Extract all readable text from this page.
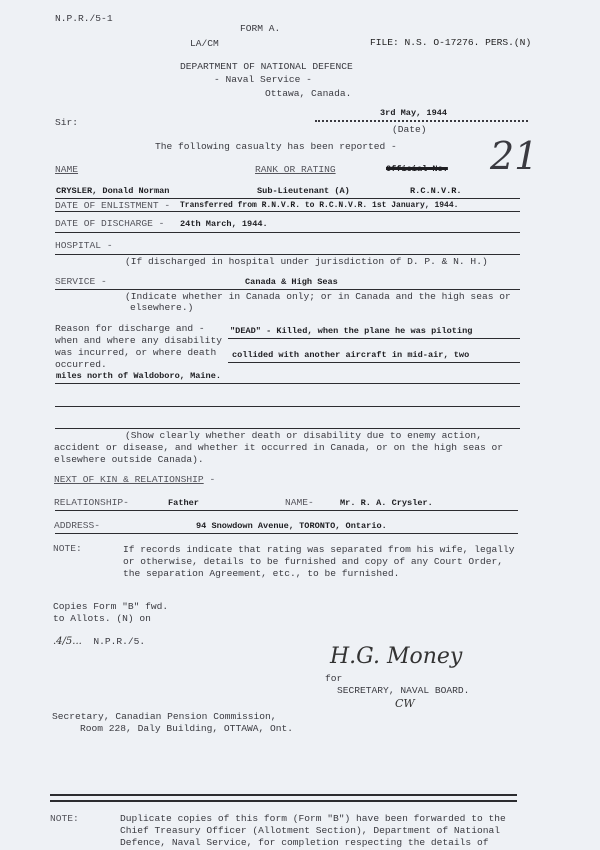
N.P.R./5-1
FORM A.
LA/CM	FILE: N.S. O-17276. PERS.(N)
DEPARTMENT OF NATIONAL DEFENCE
- Naval Service -
Ottawa, Canada.
Sir:
3rd May, 1944
(Date)
The following casualty has been reported - 21
NAME	RANK OR RATING	Official No.
CRYSLER, Donald Norman	Sub-Lieutenant (A)	R.C.N.V.R.
DATE OF ENLISTMENT - Transferred from R.N.V.R. to R.C.N.V.R. 1st January, 1944.
DATE OF DISCHARGE - 24th March, 1944.
HOSPITAL -
(If discharged in hospital under jurisdiction of D. P. & N. H.)
SERVICE -	Canada & High Seas
(Indicate whether in Canada only; or in Canada and the high seas or
elsewhere.)
Reason for discharge and -
when and where any disability
was incurred, or where death
occurred.
"DEAD" - Killed, when the plane he was piloting
collided with another aircraft in mid-air, two
miles north of Waldoboro, Maine.
(Show clearly whether death or disability due to enemy action,
accident or disease, and whether it occurred in Canada, or on the high seas or
elsewhere outside Canada).
NEXT OF KIN & RELATIONSHIP -
RELATIONSHIP-	Father	NAME-	Mr. R. A. Crysler.
ADDRESS-	94 Snowdown Avenue, TORONTO, Ontario.
NOTE:	If records indicate that rating was separated from his wife, legally
or otherwise, details to be furnished and copy of any Court Order,
the separation Agreement, etc., to be furnished.
Copies Form "B" fwd.
to Allots. (N) on
.4/5... N.P.R./5.
H.G. Money
for
SECRETARY, NAVAL BOARD.
CW
Secretary, Canadian Pension Commission,
Room 228, Daly Building, OTTAWA, Ont.
NOTE:	Duplicate copies of this form (Form "B") have been forwarded to the
Chief Treasury Officer (Allotment Section), Department of National
Defence, Naval Service, for completion respecting the details of
